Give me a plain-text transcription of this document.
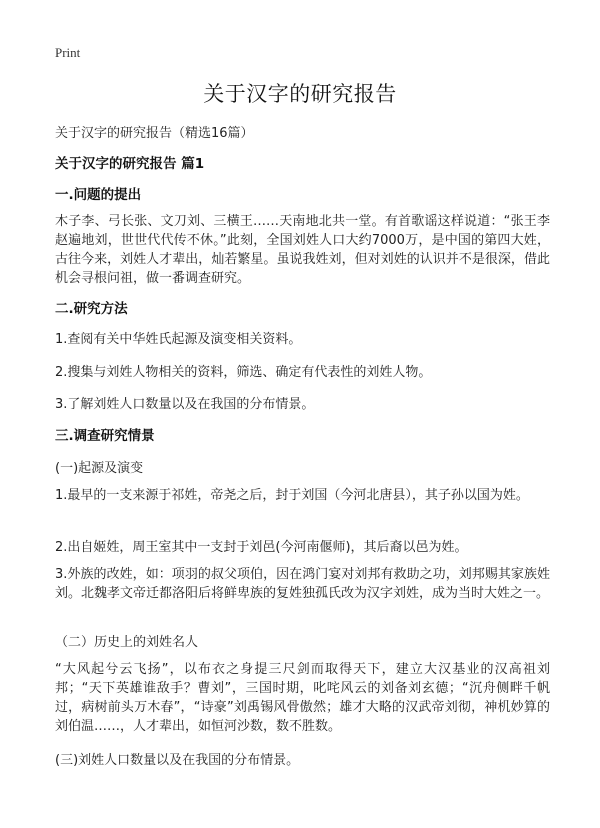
Print
关于汉字的研究报告
关于汉字的研究报告（精选16篇）
关于汉字的研究报告 篇1
一.问题的提出
木子李、弓长张、文刀刘、三横王……天南地北共一堂。有首歌谣这样说道：“张王李赵遍地刘，世世代代传不休。”此刻，全国刘姓人口大约7000万，是中国的第四大姓，古往今来，刘姓人才辈出，灿若繁星。虽说我姓刘，但对刘姓的认识并不是很深，借此机会寻根问祖，做一番调查研究。
二.研究方法
1.查阅有关中华姓氏起源及演变相关资料。
2.搜集与刘姓人物相关的资料，筛选、确定有代表性的刘姓人物。
3.了解刘姓人口数量以及在我国的分布情景。
三.调查研究情景
(一)起源及演变
1.最早的一支来源于祁姓，帝尧之后，封于刘国（今河北唐县），其子孙以国为姓。
2.出自姬姓，周王室其中一支封于刘邑(今河南偃师)，其后裔以邑为姓。
3.外族的改姓，如：项羽的叔父项伯，因在鸿门宴对刘邦有救助之功，刘邦赐其家族姓刘。北魏孝文帝迁都洛阳后将鲜卑族的复姓独孤氏改为汉字刘姓，成为当时大姓之一。
（二）历史上的刘姓名人
“大风起兮云飞扬”，以布衣之身提三尺剑而取得天下，建立大汉基业的汉高祖刘邦；“天下英雄谁敌手？曹刘”，三国时期，叱咤风云的刘备刘玄德；“沉舟侧畔千帆过，病树前头万木春”，“诗豪”刘禹锡风骨傲然；雄才大略的汉武帝刘彻，神机妙算的刘伯温……，人才辈出，如恒河沙数，数不胜数。
(三)刘姓人口数量以及在我国的分布情景。
